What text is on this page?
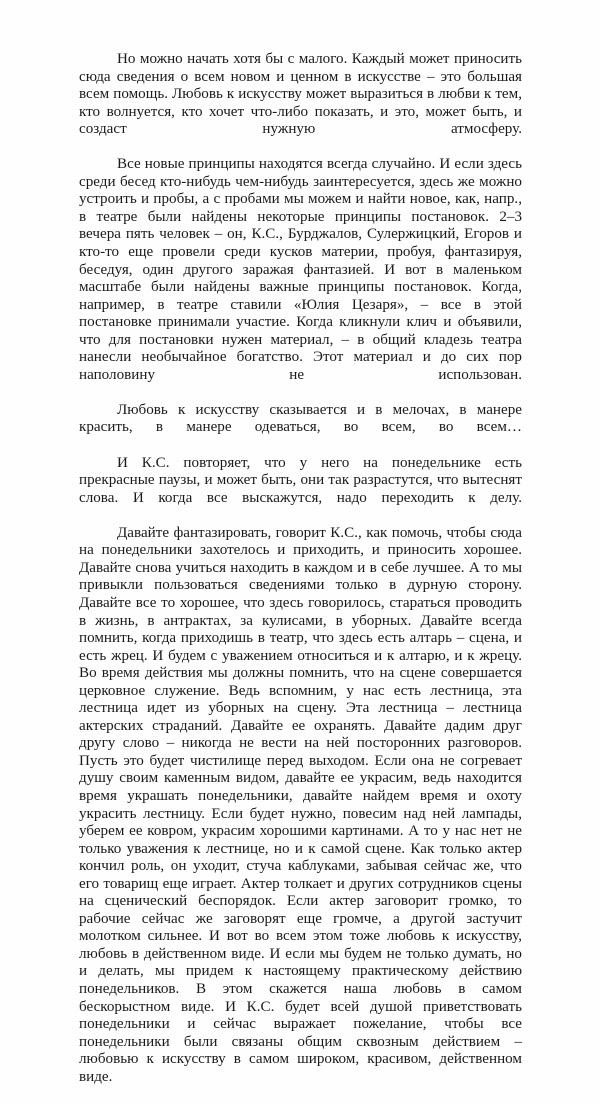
Но можно начать хотя бы с малого. Каждый может приносить сюда сведения о всем новом и ценном в искусстве – это большая всем помощь. Любовь к искусству может выразиться в любви к тем, кто волнуется, кто хочет что-либо показать, и это, может быть, и создаст нужную атмосферу.

Все новые принципы находятся всегда случайно. И если здесь среди бесед кто-нибудь чем-нибудь заинтересуется, здесь же можно устроить и пробы, а с пробами мы можем и найти новое, как, напр., в театре были найдены некоторые принципы постановок. 2–3 вечера пять человек – он, К.С., Бурджалов, Сулержицкий, Егоров и кто-то еще провели среди кусков материи, пробуя, фантазируя, беседуя, один другого заражая фантазией. И вот в маленьком масштабе были найдены важные принципы постановок. Когда, например, в театре ставили «Юлия Цезаря», – все в этой постановке принимали участие. Когда кликнули клич и объявили, что для постановки нужен материал, – в общий кладезь театра нанесли необычайное богатство. Этот материал и до сих пор наполовину не использован.

Любовь к искусству сказывается и в мелочах, в манере красить, в манере одеваться, во всем, во всем…

И К.С. повторяет, что у него на понедельнике есть прекрасные паузы, и может быть, они так разрастутся, что вытеснят слова. И когда все выскажутся, надо переходить к делу.

Давайте фантазировать, говорит К.С., как помочь, чтобы сюда на понедельники захотелось и приходить, и приносить хорошее. Давайте снова учиться находить в каждом и в себе лучшее. А то мы привыкли пользоваться сведениями только в дурную сторону. Давайте все то хорошее, что здесь говорилось, стараться проводить в жизнь, в антрактах, за кулисами, в уборных. Давайте всегда помнить, когда приходишь в театр, что здесь есть алтарь – сцена, и есть жрец. И будем с уважением относиться и к алтарю, и к жрецу. Во время действия мы должны помнить, что на сцене совершается церковное служение. Ведь вспомним, у нас есть лестница, эта лестница идет из уборных на сцену. Эта лестница – лестница актерских страданий. Давайте ее охранять. Давайте дадим друг другу слово – никогда не вести на ней посторонних разговоров. Пусть это будет чистилище перед выходом. Если она не согревает душу своим каменным видом, давайте ее украсим, ведь находится время украшать понедельники, давайте найдем время и охоту украсить лестницу. Если будет нужно, повесим над ней лампады, уберем ее ковром, украсим хорошими картинами. А то у нас нет не только уважения к лестнице, но и к самой сцене. Как только актер кончил роль, он уходит, стуча каблуками, забывая сейчас же, что его товарищ еще играет. Актер толкает и других сотрудников сцены на сценический беспорядок. Если актер заговорит громко, то рабочие сейчас же заговорят еще громче, а другой застучит молотком сильнее. И вот во всем этом тоже любовь к искусству, любовь в действенном виде. И если мы будем не только думать, но и делать, мы придем к настоящему практическому действию понедельников. В этом скажется наша любовь в самом бескорыстном виде. И К.С. будет всей душой приветствовать понедельники и сейчас выражает пожелание, чтобы все понедельники были связаны общим сквозным действием – любовью к искусству в самом широком, красивом, действенном виде.
